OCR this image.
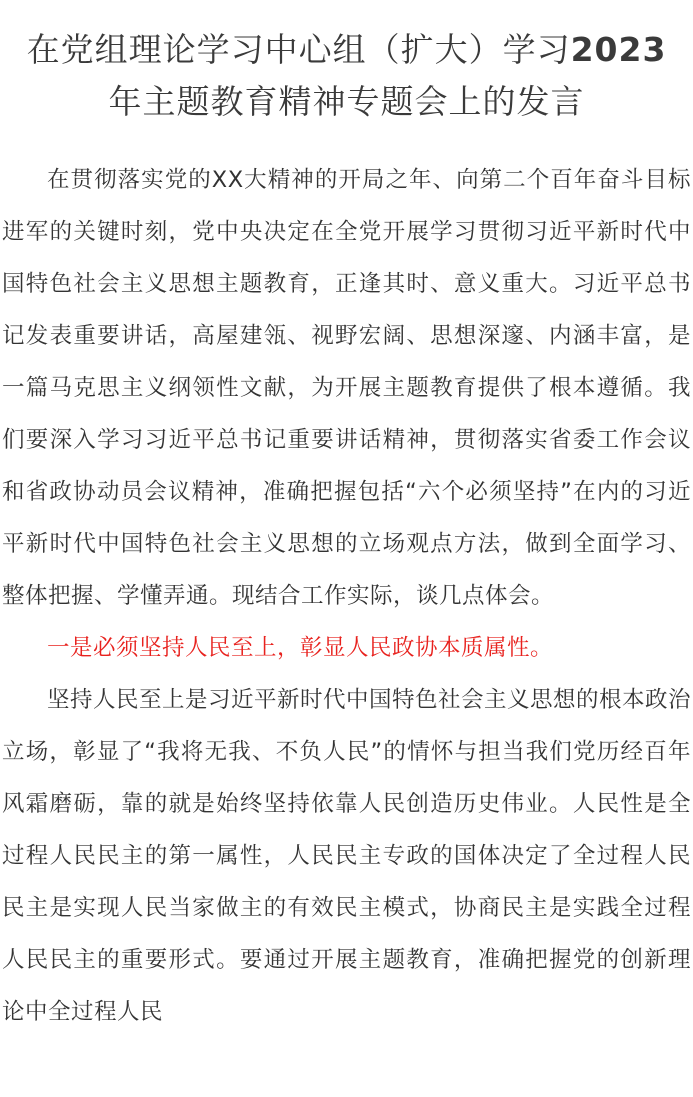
在党组理论学习中心组（扩大）学习2023
年主题教育精神专题会上的发言

在贯彻落实党的XX大精神的开局之年、向第二个百年奋斗目标进军的关键时刻，党中央决定在全党开展学习贯彻习近平新时代中国特色社会主义思想主题教育，正逢其时、意义重大。习近平总书记发表重要讲话，高屋建瓴、视野宏阔、思想深邃、内涵丰富，是一篇马克思主义纲领性文献，为开展主题教育提供了根本遵循。我们要深入学习习近平总书记重要讲话精神，贯彻落实省委工作会议和省政协动员会议精神，准确把握包括“六个必须坚持”在内的习近平新时代中国特色社会主义思想的立场观点方法，做到全面学习、整体把握、学懂弄通。现结合工作实际，谈几点体会。

一是必须坚持人民至上，彰显人民政协本质属性。

坚持人民至上是习近平新时代中国特色社会主义思想的根本政治立场，彰显了“我将无我、不负人民”的情怀与担当我们党历经百年风霜磨砺，靠的就是始终坚持依靠人民创造历史伟业。人民性是全过程人民民主的第一属性，人民民主专政的国体决定了全过程人民民主是实现人民当家做主的有效民主模式，协商民主是实践全过程人民民主的重要形式。要通过开展主题教育，准确把握党的创新理论中全过程人民
